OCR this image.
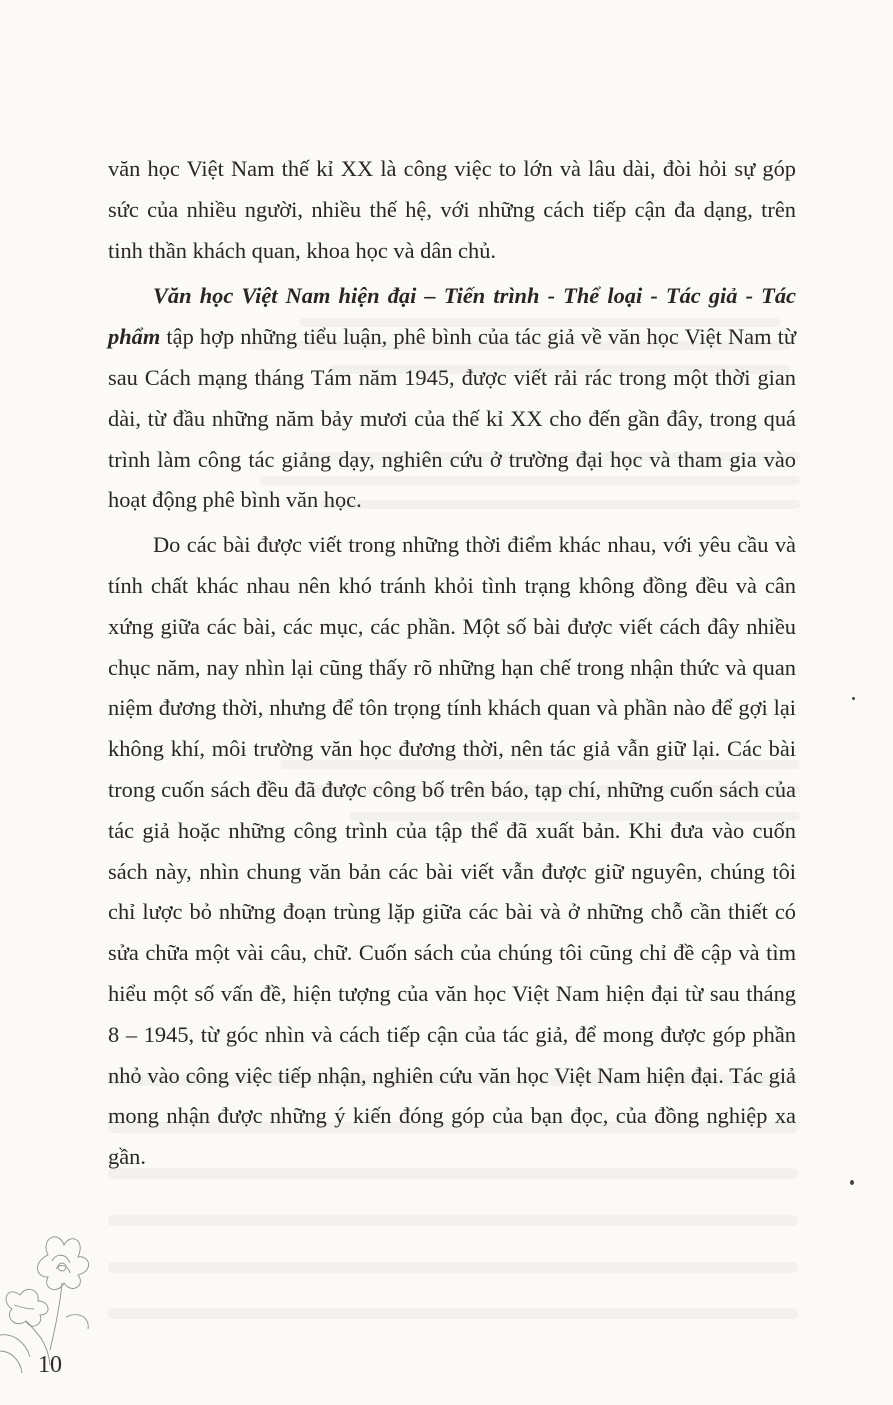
văn học Việt Nam thế kỉ XX là công việc to lớn và lâu dài, đòi hỏi sự góp sức của nhiều người, nhiều thế hệ, với những cách tiếp cận đa dạng, trên tinh thần khách quan, khoa học và dân chủ.

Văn học Việt Nam hiện đại – Tiến trình - Thể loại - Tác giả - Tác phẩm tập hợp những tiểu luận, phê bình của tác giả về văn học Việt Nam từ sau Cách mạng tháng Tám năm 1945, được viết rải rác trong một thời gian dài, từ đầu những năm bảy mươi của thế kỉ XX cho đến gần đây, trong quá trình làm công tác giảng dạy, nghiên cứu ở trường đại học và tham gia vào hoạt động phê bình văn học.

Do các bài được viết trong những thời điểm khác nhau, với yêu cầu và tính chất khác nhau nên khó tránh khỏi tình trạng không đồng đều và cân xứng giữa các bài, các mục, các phần. Một số bài được viết cách đây nhiều chục năm, nay nhìn lại cũng thấy rõ những hạn chế trong nhận thức và quan niệm đương thời, nhưng để tôn trọng tính khách quan và phần nào để gợi lại không khí, môi trường văn học đương thời, nên tác giả vẫn giữ lại. Các bài trong cuốn sách đều đã được công bố trên báo, tạp chí, những cuốn sách của tác giả hoặc những công trình của tập thể đã xuất bản. Khi đưa vào cuốn sách này, nhìn chung văn bản các bài viết vẫn được giữ nguyên, chúng tôi chỉ lược bỏ những đoạn trùng lặp giữa các bài và ở những chỗ cần thiết có sửa chữa một vài câu, chữ. Cuốn sách của chúng tôi cũng chỉ đề cập và tìm hiểu một số vấn đề, hiện tượng của văn học Việt Nam hiện đại từ sau tháng 8 – 1945, từ góc nhìn và cách tiếp cận của tác giả, để mong được góp phần nhỏ vào công việc tiếp nhận, nghiên cứu văn học Việt Nam hiện đại. Tác giả mong nhận được những ý kiến đóng góp của bạn đọc, của đồng nghiệp xa gần.

10
